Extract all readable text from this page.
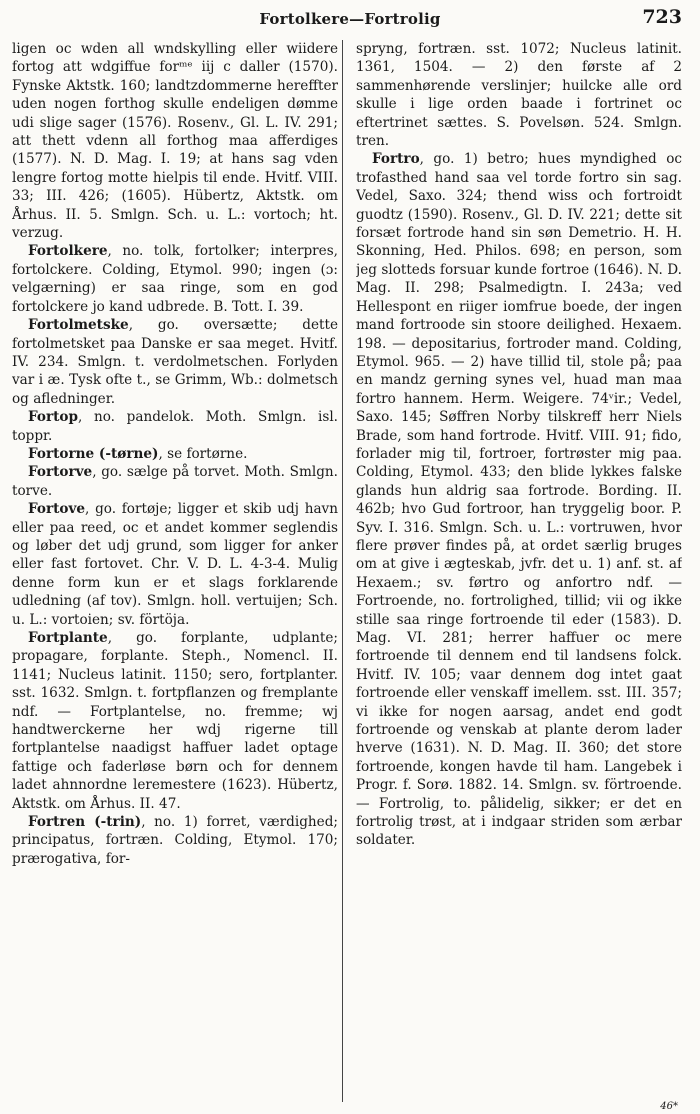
Fortolkere—Fortrolig	723

ligen oc wden all wndskylling eller wiidere fortog att wdgiffue forᵐᵉ iij c daller (1570). Fynske Aktstk. 160; landtzdommerne hereffter uden nogen forthog skulle endeligen dømme udi slige sager (1576). Rosenv., Gl. L. IV. 291; att thett vdenn all forthog maa afferdiges (1577). N. D. Mag. I. 19; at hans sag vden lengre fortog motte hielpis til ende. Hvitf. VIII. 33; III. 426; (1605). Hübertz, Aktstk. om Århus. II. 5. Smlgn. Sch. u. L.: vortoch; ht. verzug.

Fortolkere, no. tolk, fortolker; interpres, fortolckere. Colding, Etymol. 990; ingen (ɔ: velgærning) er saa ringe, som en god fortolckere jo kand udbrede. B. Tott. I. 39.

Fortolmetske, go. oversætte; dette fortolmetsket paa Danske er saa meget. Hvitf. IV. 234. Smlgn. t. verdolmetschen. Forlyden var i æ. Tysk ofte t., se Grimm, Wb.: dolmetsch og afledninger.

Fortop, no. pandelok. Moth. Smlgn. isl. toppr.

Fortorne (-tørne), se fortørne.

Fortorve, go. sælge på torvet. Moth. Smlgn. torve.

Fortove, go. fortøje; ligger et skib udj havn eller paa reed, oc et andet kommer seglendis og løber det udj grund, som ligger for anker eller fast fortovet. Chr. V. D. L. 4-3-4. Mulig denne form kun er et slags forklarende udledning (af tov). Smlgn. holl. vertuijen; Sch. u. L.: vortoien; sv. förtöja.

Fortplante, go. forplante, udplante; propagare, forplante. Steph., Nomencl. II. 1141; Nucleus latinit. 1150; sero, fortplanter. sst. 1632. Smlgn. t. fortpflanzen og fremplante ndf. — Fortplantelse, no. fremme; wj handtwerckerne her wdj rigerne till fortplantelse naadigst haffuer ladet optage fattige och faderløse børn och for dennem ladet ahnnordne leremestere (1623). Hübertz, Aktstk. om Århus. II. 47.

Fortren (-trin), no. 1) forret, værdighed; principatus, fortræn. Colding, Etymol. 170; prærogativa, for-

spryng, fortræn. sst. 1072; Nucleus latinit. 1361, 1504. — 2) den første af 2 sammenhørende verslinjer; huilcke alle ord skulle i lige orden baade i fortrinet oc eftertrinet sættes. S. Povelsøn. 524. Smlgn. tren.

Fortro, go. 1) betro; hues myndighed oc trofasthed hand saa vel torde fortro sin sag. Vedel, Saxo. 324; thend wiss och fortroidt guodtz (1590). Rosenv., Gl. D. IV. 221; dette sit forsæt fortrode hand sin søn Demetrio. H. H. Skonning, Hed. Philos. 698; en person, som jeg slotteds forsuar kunde fortroe (1646). N. D. Mag. II. 298; Psalmedigtn. I. 243a; ved Hellespont en riiger iomfrue boede, der ingen mand fortroode sin stoore deilighed. Hexaem. 198. — depositarius, fortroder mand. Colding, Etymol. 965. — 2) have tillid til, stole på; paa en mandz gerning synes vel, huad man maa fortro hannem. Herm. Weigere. 74ᵛir.; Vedel, Saxo. 145; Søffren Norby tilskreff herr Niels Brade, som hand fortrode. Hvitf. VIII. 91; fido, forlader mig til, fortroer, fortrøster mig paa. Colding, Etymol. 433; den blide lykkes falske glands hun aldrig saa fortrode. Bording. II. 462b; hvo Gud fortroor, han tryggelig boor. P. Syv. I. 316. Smlgn. Sch. u. L.: vortruwen, hvor flere prøver findes på, at ordet særlig bruges om at give i ægteskab, jvfr. det u. 1) anf. st. af Hexaem.; sv. førtro og anfortro ndf. — Fortroende, no. fortrolighed, tillid; vii og ikke stille saa ringe fortroende til eder (1583). D. Mag. VI. 281; herrer haffuer oc mere fortroende til dennem end til landsens folck. Hvitf. IV. 105; vaar dennem dog intet gaat fortroende eller venskaff imellem. sst. III. 357; vi ikke for nogen aarsag, andet end godt fortroende og venskab at plante derom lader hverve (1631). N. D. Mag. II. 360; det store fortroende, kongen havde til ham. Langebek i Progr. f. Sorø. 1882. 14. Smlgn. sv. förtroende. — Fortrolig, to. pålidelig, sikker; er det en fortrolig trøst, at i indgaar striden som ærbar soldater.

46*
